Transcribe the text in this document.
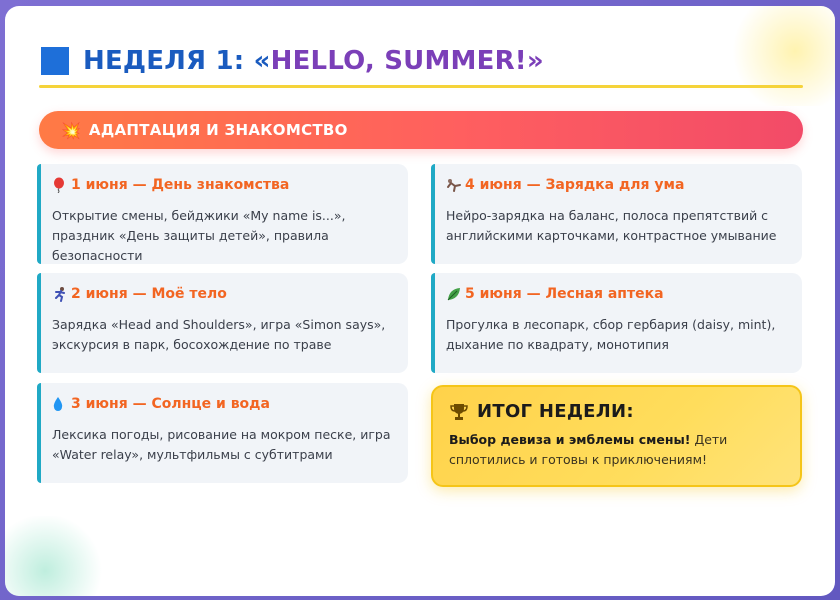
НЕДЕЛЯ 1: «HELLO, SUMMER!»
💥 АДАПТАЦИЯ И ЗНАКОМСТВО
1 июня — День знакомства
Открытие смены, бейджики «My name is...», праздник «День защиты детей», правила безопасности
2 июня — Моё тело
Зарядка «Head and Shoulders», игра «Simon says», экскурсия в парк, босохождение по траве
3 июня — Солнце и вода
Лексика погоды, рисование на мокром песке, игра «Water relay», мультфильмы с субтитрами
4 июня — Зарядка для ума
Нейро-зарядка на баланс, полоса препятствий с английскими карточками, контрастное умывание
5 июня — Лесная аптека
Прогулка в лесопарк, сбор гербария (daisy, mint), дыхание по квадрату, монотипия
ИТОГ НЕДЕЛИ:
Выбор девиза и эмблемы смены! Дети сплотились и готовы к приключениям!
